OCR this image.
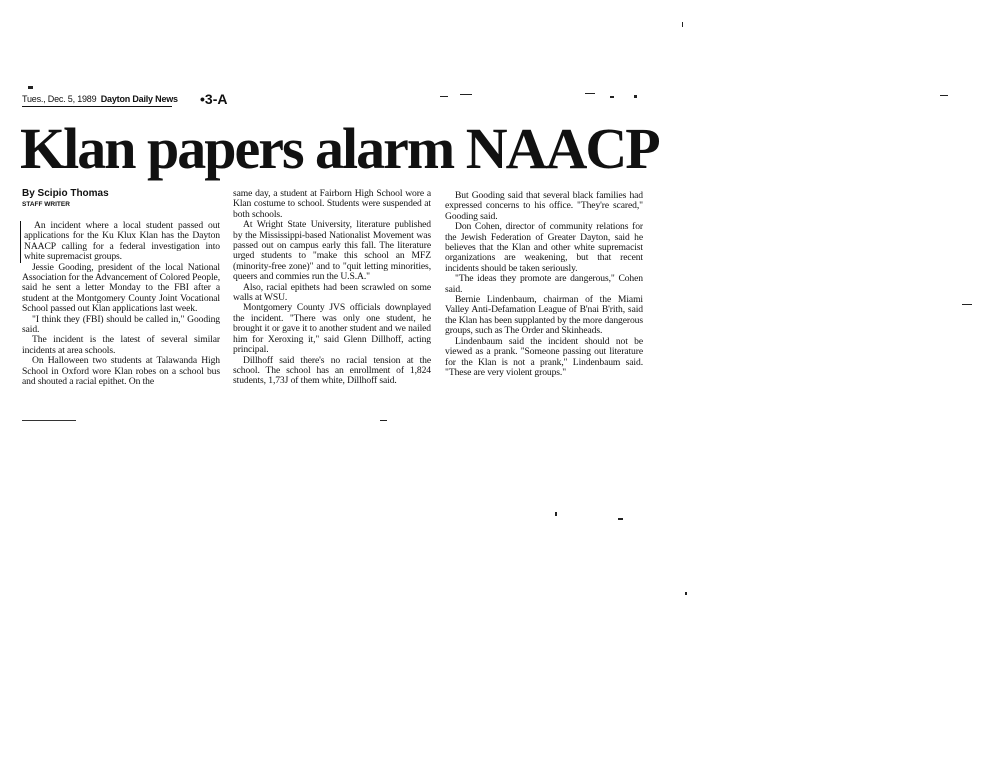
Tues., Dec. 5, 1989 Dayton Daily News •3-A
Klan papers alarm NAACP
By Scipio Thomas
STAFF WRITER

An incident where a local student passed out applications for the Ku Klux Klan has the Dayton NAACP calling for a federal investigation into white supremacist groups.

Jessie Gooding, president of the local National Association for the Advancement of Colored People, said he sent a letter Monday to the FBI after a student at the Montgomery County Joint Vocational School passed out Klan applications last week.

"I think they (FBI) should be called in," Gooding said.

The incident is the latest of several similar incidents at area schools.

On Halloween two students at Talawanda High School in Oxford wore Klan robes on a school bus and shouted a racial epithet. On the

same day, a student at Fairborn High School wore a Klan costume to school. Students were suspended at both schools.

At Wright State University, literature published by the Mississippi-based Nationalist Movement was passed out on campus early this fall. The literature urged students to "make this school an MFZ (minority-free zone)" and to "quit letting minorities, queers and commies run the U.S.A."

Also, racial epithets had been scrawled on some walls at WSU.

Montgomery County JVS officials downplayed the incident. "There was only one student, he brought it or gave it to another student and we nailed him for Xeroxing it," said Glenn Dillhoff, acting principal.

Dillhoff said there's no racial tension at the school. The school has an enrollment of 1,824 students, 1,73J of them white, Dillhoff said.

But Gooding said that several black families had expressed concerns to his office. "They're scared," Gooding said.

Don Cohen, director of community relations for the Jewish Federation of Greater Dayton, said he believes that the Klan and other white supremacist organizations are weakening, but that recent incidents should be taken seriously.

"The ideas they promote are dangerous," Cohen said.

Bernie Lindenbaum, chairman of the Miami Valley Anti-Defamation League of B'nai B'rith, said the Klan has been supplanted by the more dangerous groups, such as The Order and Skinheads.

Lindenbaum said the incident should not be viewed as a prank. "Someone passing out literature for the Klan is not a prank," Lindenbaum said. "These are very violent groups."
